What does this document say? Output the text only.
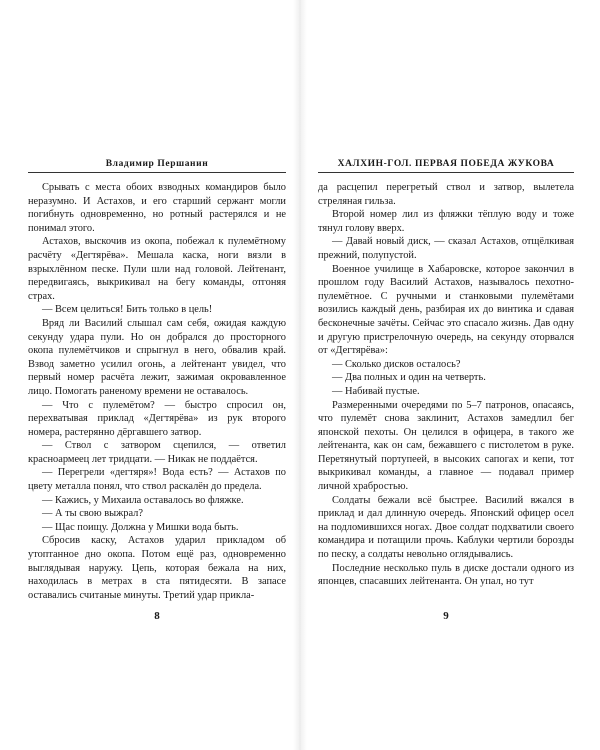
Владимир Першанин

Срывать с места обоих взводных командиров было неразумно. И Астахов, и его старший сержант могли погибнуть одновременно, но ротный растерялся и не понимал этого.

Астахов, выскочив из окопа, побежал к пулемётному расчёту «Дегтярёва». Мешала каска, ноги вязли в взрыхлённом песке. Пули шли над головой. Лейтенант, передвигаясь, выкрикивал на бегу команды, отгоняя страх.

— Всем целиться! Бить только в цель!

Вряд ли Василий слышал сам себя, ожидая каждую секунду удара пули. Но он добрался до просторного окопа пулемётчиков и спрыгнул в него, обвалив край. Взвод заметно усилил огонь, а лейтенант увидел, что первый номер расчёта лежит, зажимая окровавленное лицо. Помогать раненому времени не оставалось.

— Что с пулемётом? — быстро спросил он, перехватывая приклад «Дегтярёва» из рук второго номера, растерянно дёргавшего затвор.

— Ствол с затвором сцепился, — ответил красноармеец лет тридцати. — Никак не поддаётся.

— Перегрели «дегтяря»! Вода есть? — Астахов по цвету металла понял, что ствол раскалён до предела.

— Кажись, у Михаила оставалось во фляжке.

— А ты свою выжрал?

— Щас поищу. Должна у Мишки вода быть.

Сбросив каску, Астахов ударил прикладом об утоптанное дно окопа. Потом ещё раз, одновременно выглядывая наружу. Цепь, которая бежала на них, находилась в метрах в ста пятидесяти. В запасе оставались считаные минуты. Третий удар прикла-

ХАЛХИН-ГОЛ. ПЕРВАЯ ПОБЕДА ЖУКОВА

да расцепил перегретый ствол и затвор, вылетела стреляная гильза.

Второй номер лил из фляжки тёплую воду и тоже тянул голову вверх.

— Давай новый диск, — сказал Астахов, отщёлкивая прежний, полупустой.

Военное училище в Хабаровске, которое закончил в прошлом году Василий Астахов, называлось пехотно-пулемётное. С ручными и станковыми пулемётами возились каждый день, разбирая их до винтика и сдавая бесконечные зачёты. Сейчас это спасало жизнь. Дав одну и другую пристрелочную очередь, на секунду оторвался от «Дегтярёва»:

— Сколько дисков осталось?

— Два полных и один на четверть.

— Набивай пустые.

Размеренными очередями по 5–7 патронов, опасаясь, что пулемёт снова заклинит, Астахов замедлил бег японской пехоты. Он целился в офицера, в такого же лейтенанта, как он сам, бежавшего с пистолетом в руке. Перетянутый портупеей, в высоких сапогах и кепи, тот выкрикивал команды, а главное — подавал пример личной храбростью.

Солдаты бежали всё быстрее. Василий вжался в приклад и дал длинную очередь. Японский офицер осел на подломившихся ногах. Двое солдат подхватили своего командира и потащили прочь. Каблуки чертили борозды по песку, а солдаты невольно оглядывались.

Последние несколько пуль в диске достали одного из японцев, спасавших лейтенанта. Он упал, но тут

8	9
